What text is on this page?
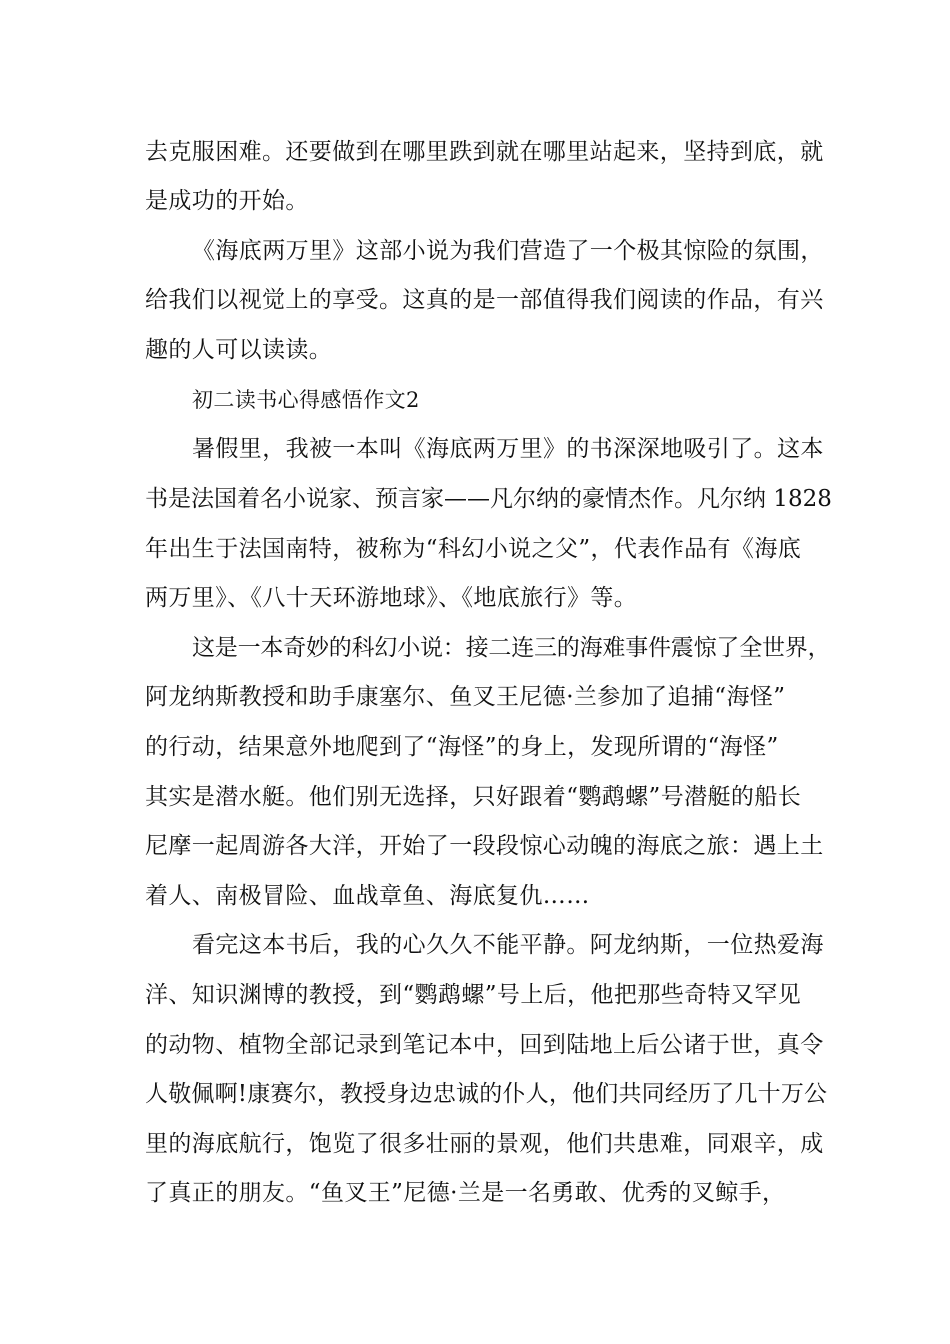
去克服困难。还要做到在哪里跌到就在哪里站起来，坚持到底，就
是成功的开始。
《海底两万里》这部小说为我们营造了一个极其惊险的氛围，
给我们以视觉上的享受。这真的是一部值得我们阅读的作品，有兴
趣的人可以读读。
初二读书心得感悟作文2
暑假里，我被一本叫《海底两万里》的书深深地吸引了。这本
书是法国着名小说家、预言家——凡尔纳的豪情杰作。凡尔纳 1828
年出生于法国南特，被称为“科幻小说之父”，代表作品有《海底
两万里》、《八十天环游地球》、《地底旅行》等。
这是一本奇妙的科幻小说：接二连三的海难事件震惊了全世界，
阿龙纳斯教授和助手康塞尔、鱼叉王尼德·兰参加了追捕“海怪”
的行动，结果意外地爬到了“海怪”的身上，发现所谓的“海怪”
其实是潜水艇。他们别无选择，只好跟着“鹦鹉螺”号潜艇的船长
尼摩一起周游各大洋，开始了一段段惊心动魄的海底之旅：遇上土
着人、南极冒险、血战章鱼、海底复仇……
看完这本书后，我的心久久不能平静。阿龙纳斯，一位热爱海
洋、知识渊博的教授，到“鹦鹉螺”号上后，他把那些奇特又罕见
的动物、植物全部记录到笔记本中，回到陆地上后公诸于世，真令
人敬佩啊!康赛尔，教授身边忠诚的仆人，他们共同经历了几十万公
里的海底航行，饱览了很多壮丽的景观，他们共患难，同艰辛，成
了真正的朋友。“鱼叉王”尼德·兰是一名勇敢、优秀的叉鲸手，
